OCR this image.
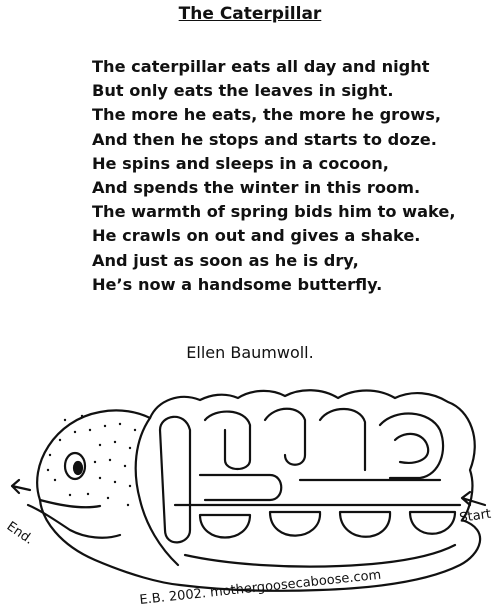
The Caterpillar
The caterpillar eats all day and night
But only eats the leaves in sight.
The more he eats, the more he grows,
And then he stops and starts to doze.
He spins and sleeps in a cocoon,
And spends the winter in this room.
The warmth of spring bids him to wake,
He crawls on out and gives a shake.
And just as soon as he is dry,
He’s now a handsome butterfly.
Ellen Baumwoll.
Start
End.
E.B. 2002. mothergoosecaboose.com
